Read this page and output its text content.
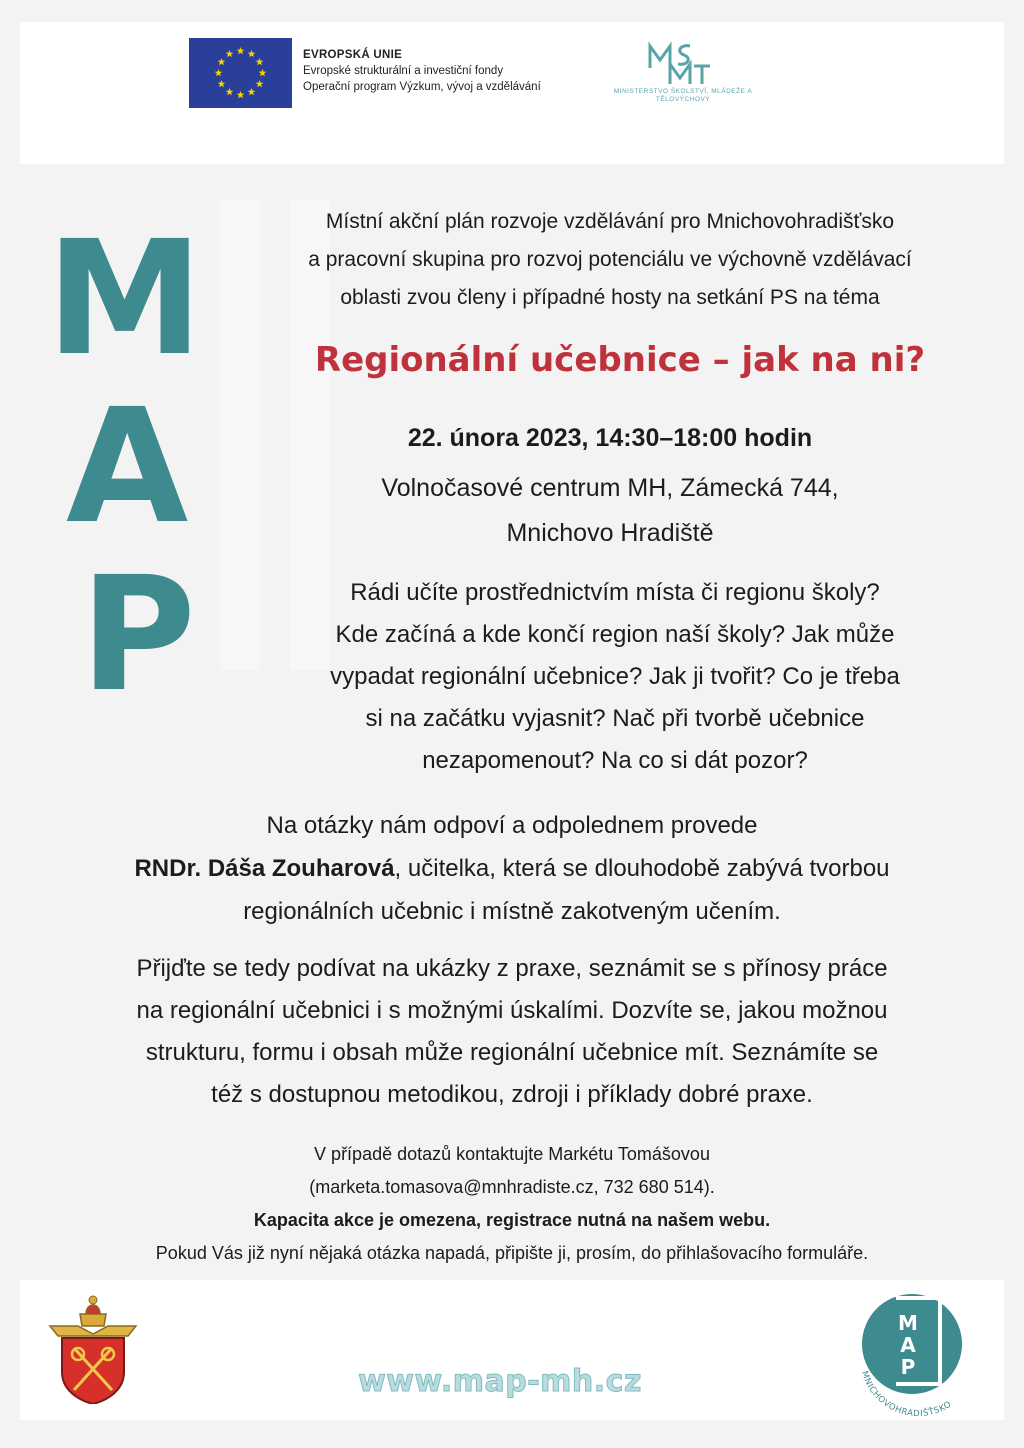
EVROPSKÁ UNIE
Evropské strukturální a investiční fondy
Operační program Výzkum, vývoj a vzdělávání	MINISTERSTVO ŠKOLSTVÍ, MLÁDEŽE A TĚLOVÝCHOVY
M
A
P
Místní akční plán rozvoje vzdělávání pro Mnichovohradišťsko
a pracovní skupina pro rozvoj potenciálu ve výchovně vzdělávací
oblasti zvou členy i případné hosty na setkání PS na téma
Regionální učebnice – jak na ni?
22. února 2023, 14:30–18:00 hodin
Volnočasové centrum MH, Zámecká 744,
Mnichovo Hradiště
Rádi učíte prostřednictvím místa či regionu školy?
Kde začíná a kde končí region naší školy? Jak může
vypadat regionální učebnice? Jak ji tvořit? Co je třeba
si na začátku vyjasnit? Nač při tvorbě učebnice
nezapomenout? Na co si dát pozor?
Na otázky nám odpoví a odpolednem provede
RNDr. Dáša Zouharová, učitelka, která se dlouhodobě zabývá tvorbou
regionálních učebnic i místně zakotveným učením.
Přijďte se tedy podívat na ukázky z praxe, seznámit se s přínosy práce
na regionální učebnici i s možnými úskalími. Dozvíte se, jakou možnou
strukturu, formu i obsah může regionální učebnice mít. Seznámíte se
též s dostupnou metodikou, zdroji i příklady dobré praxe.
V případě dotazů kontaktujte Markétu Tomášovou
(marketa.tomasova@mnhradiste.cz, 732 680 514).
Kapacita akce je omezena, registrace nutná na našem webu.
Pokud Vás již nyní nějaká otázka napadá, připište ji, prosím, do přihlašovacího formuláře.
www.map-mh.cz
M
A
P
MNICHOVOHRADIŠŤSKO
